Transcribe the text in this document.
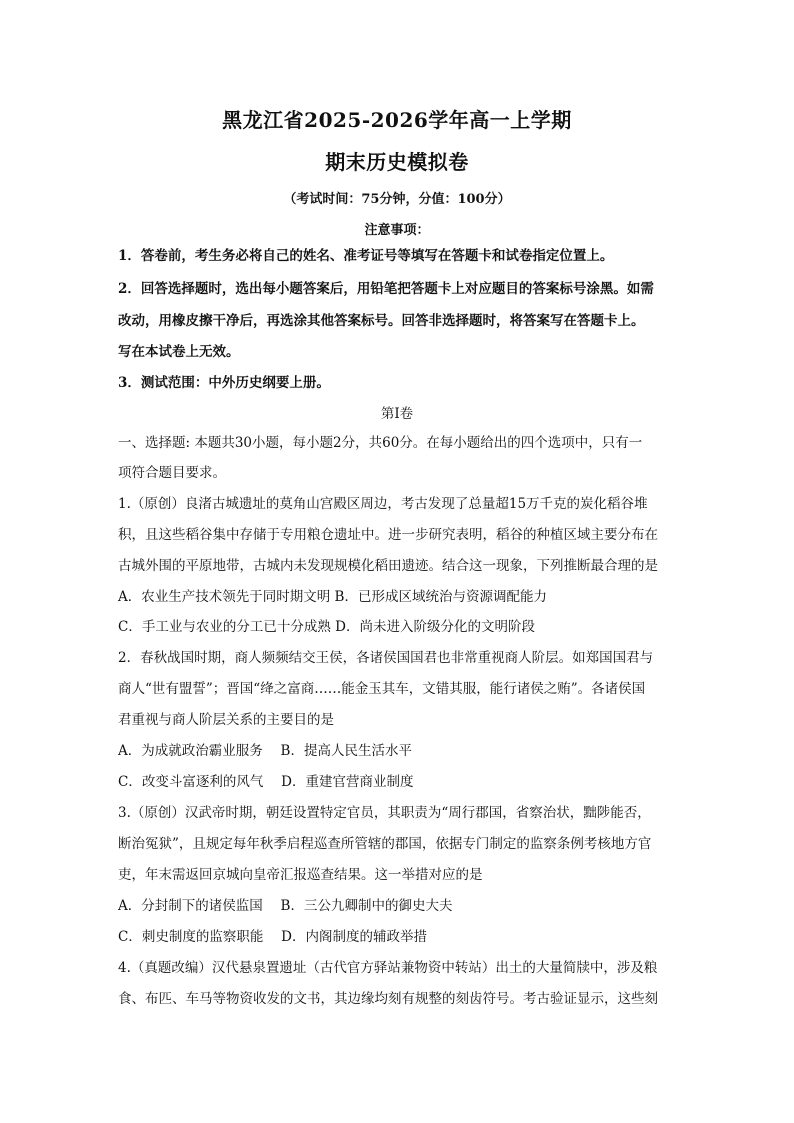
黑龙江省2025-2026学年高一上学期
期末历史模拟卷
（考试时间：75分钟，分值：100分）
注意事项：
1．答卷前，考生务必将自己的姓名、准考证号等填写在答题卡和试卷指定位置上。
2．回答选择题时，选出每小题答案后，用铅笔把答题卡上对应题目的答案标号涂黑。如需
改动，用橡皮擦干净后，再选涂其他答案标号。回答非选择题时，将答案写在答题卡上。
写在本试卷上无效。
3．测试范围：中外历史纲要上册。
第Ⅰ卷
一、选择题: 本题共30小题，每小题2分，共60分。在每小题给出的四个选项中，只有一
项符合题目要求。
1.（原创）良渚古城遗址的莫角山宫殿区周边，考古发现了总量超15万千克的炭化稻谷堆
积，且这些稻谷集中存储于专用粮仓遗址中。进一步研究表明，稻谷的种植区域主要分布在
古城外围的平原地带，古城内未发现规模化稻田遗迹。结合这一现象，下列推断最合理的是
A．农业生产技术领先于同时期文明 B．已形成区域统治与资源调配能力
C．手工业与农业的分工已十分成熟 D．尚未进入阶级分化的文明阶段
2．春秋战国时期，商人频频结交王侯，各诸侯国国君也非常重视商人阶层。如郑国国君与
商人“世有盟誓”；晋国“绛之富商……能金玉其车，文错其服，能行诸侯之贿”。各诸侯国
君重视与商人阶层关系的主要目的是
A．为成就政治霸业服务　 B．提高人民生活水平
C．改变斗富逐利的风气　 D．重建官营商业制度
3.（原创）汉武帝时期，朝廷设置特定官员，其职责为“周行郡国，省察治状，黜陟能否，
断治冤狱”，且规定每年秋季启程巡查所管辖的郡国，依据专门制定的监察条例考核地方官
吏，年末需返回京城向皇帝汇报巡查结果。这一举措对应的是
A．分封制下的诸侯监国　 B．三公九卿制中的御史大夫
C．刺史制度的监察职能　 D．内阁制度的辅政举措
4.（真题改编）汉代悬泉置遗址（古代官方驿站兼物资中转站）出土的大量简牍中，涉及粮
食、布匹、车马等物资收发的文书，其边缘均刻有规整的刻齿符号。考古验证显示，这些刻
